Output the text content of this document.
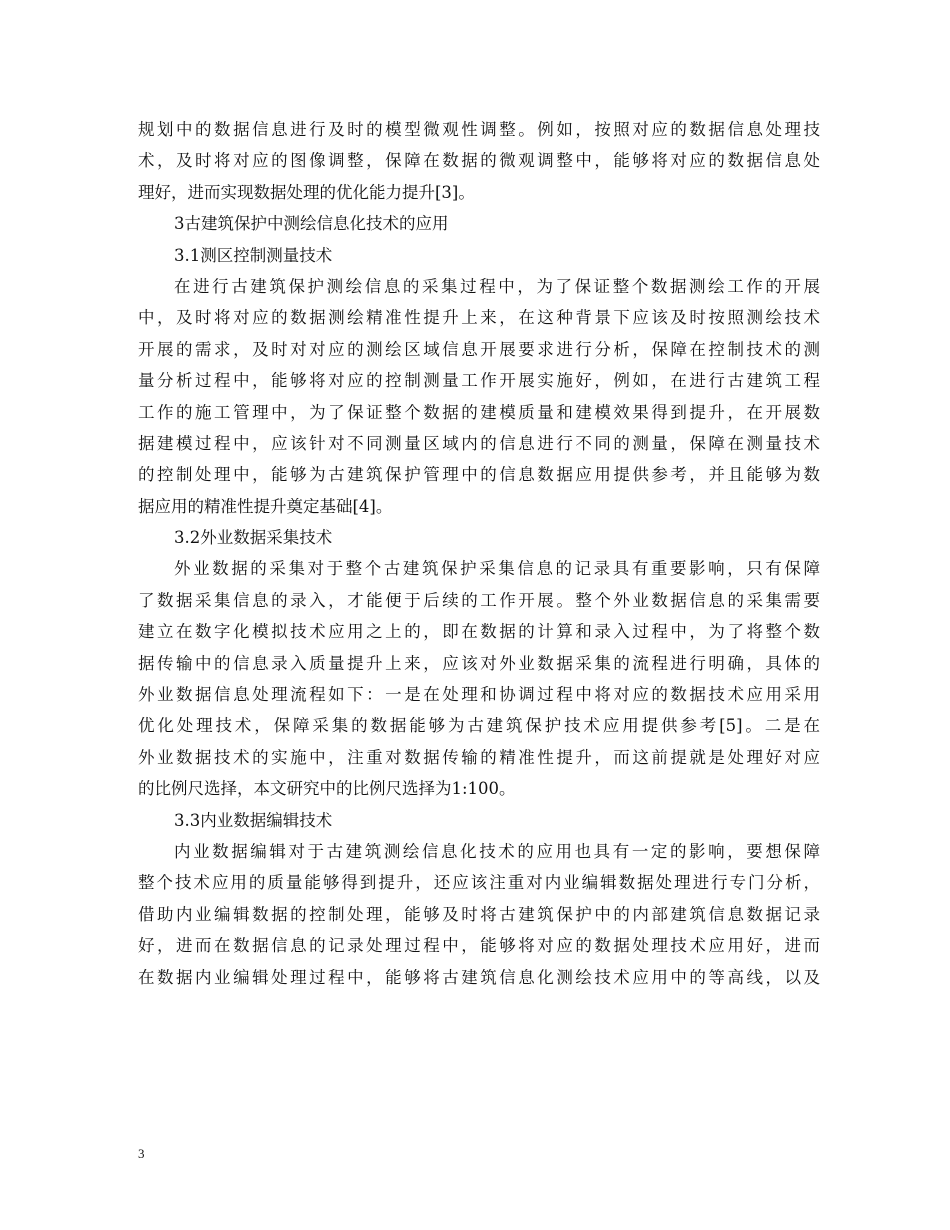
规划中的数据信息进行及时的模型微观性调整。例如，按照对应的数据信息处理技
术，及时将对应的图像调整，保障在数据的微观调整中，能够将对应的数据信息处
理好，进而实现数据处理的优化能力提升[3]。
3古建筑保护中测绘信息化技术的应用
3.1测区控制测量技术
在进行古建筑保护测绘信息的采集过程中，为了保证整个数据测绘工作的开展
中，及时将对应的数据测绘精准性提升上来，在这种背景下应该及时按照测绘技术
开展的需求，及时对对应的测绘区域信息开展要求进行分析，保障在控制技术的测
量分析过程中，能够将对应的控制测量工作开展实施好，例如，在进行古建筑工程
工作的施工管理中，为了保证整个数据的建模质量和建模效果得到提升，在开展数
据建模过程中，应该针对不同测量区域内的信息进行不同的测量，保障在测量技术
的控制处理中，能够为古建筑保护管理中的信息数据应用提供参考，并且能够为数
据应用的精准性提升奠定基础[4]。
3.2外业数据采集技术
外业数据的采集对于整个古建筑保护采集信息的记录具有重要影响，只有保障
了数据采集信息的录入，才能便于后续的工作开展。整个外业数据信息的采集需要
建立在数字化模拟技术应用之上的，即在数据的计算和录入过程中，为了将整个数
据传输中的信息录入质量提升上来，应该对外业数据采集的流程进行明确，具体的
外业数据信息处理流程如下：一是在处理和协调过程中将对应的数据技术应用采用
优化处理技术，保障采集的数据能够为古建筑保护技术应用提供参考[5]。二是在
外业数据技术的实施中，注重对数据传输的精准性提升，而这前提就是处理好对应
的比例尺选择，本文研究中的比例尺选择为1:100。
3.3内业数据编辑技术
内业数据编辑对于古建筑测绘信息化技术的应用也具有一定的影响，要想保障
整个技术应用的质量能够得到提升，还应该注重对内业编辑数据处理进行专门分析，
借助内业编辑数据的控制处理，能够及时将古建筑保护中的内部建筑信息数据记录
好，进而在数据信息的记录处理过程中，能够将对应的数据处理技术应用好，进而
在数据内业编辑处理过程中，能够将古建筑信息化测绘技术应用中的等高线，以及
3
